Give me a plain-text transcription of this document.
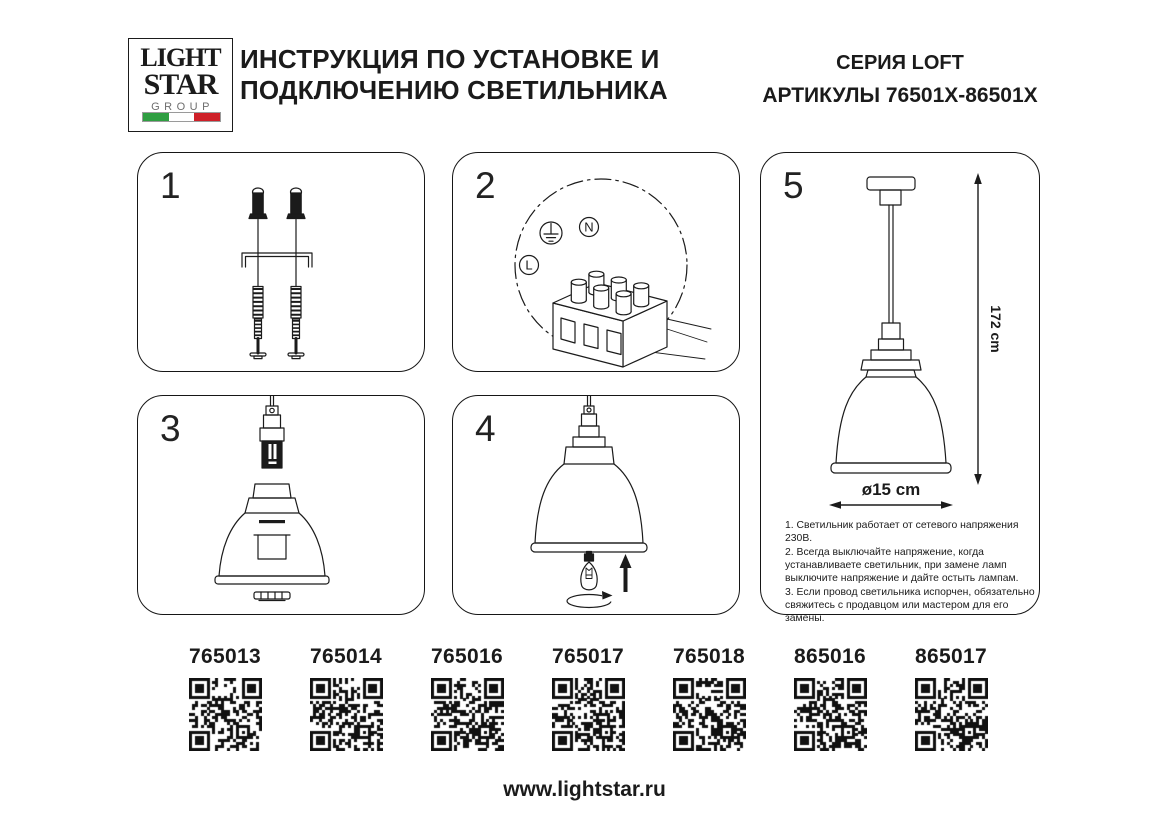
LIGHT
STAR
GROUP
ИНСТРУКЦИЯ ПО УСТАНОВКЕ И
ПОДКЛЮЧЕНИЮ СВЕТИЛЬНИКА
СЕРИЯ LOFT
АРТИКУЛЫ 76501X-86501X
1	2
N
L
3	4
5
172 cm
ø15 cm
1. Светильник работает от сетевого напряжения 230В.
2. Всегда выключайте напряжение, когда устанавливаете светильник, при замене ламп выключите напряжение и дайте остыть лампам.
3. Если провод светильника испорчен, обязательно свяжитесь с продавцом или мастером для его замены.
765013 765014 765016 765017 765018 865016 865017
www.lightstar.ru
